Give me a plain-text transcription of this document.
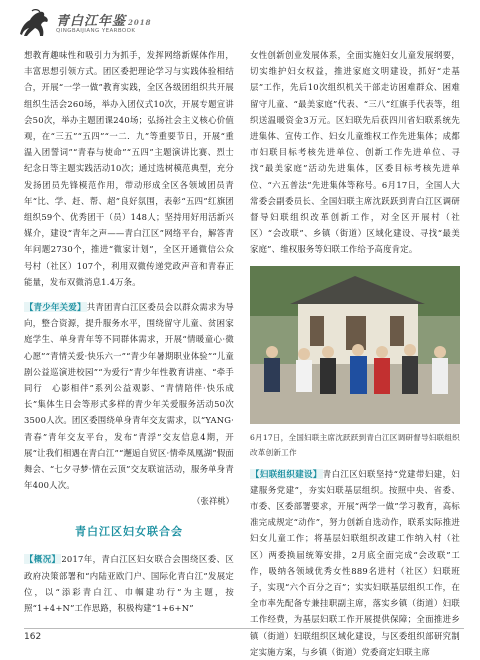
青白江年鉴 2018
QINGBAIJIANG YEARBOOK

想教育趣味性和吸引力为抓手，发挥网络新媒体作用，丰富思想引领方式。团区委把理论学习与实践体验相结合，开展“一学一做”教育实践，全区各级团组织共开展组织生活会260场，举办入团仪式10次，开展专题宣讲会50次，举办主题团课240场；弘扬社会主义核心价值观，在“三五”“五四”“一二．九”等重要节日，开展“重温入团誓词”“青春与使命”“五四”主题演讲比赛、烈士纪念日等主题实践活动10次；通过选树模范典型，充分发扬团员先锋模范作用，带动形成全区各领域团员青年“比、学、赶、帮、超”良好氛围，表彰“五四”红旗团组织59个、优秀团干（员）148人；坚持用好用活新兴媒介，建设“青年之声——青白江区”网络平台，解答青年问题2730个，推进“微家计划”，全区开通微信公众号村（社区）107个，利用双微传递党政声音和青春正能量，发布双微消息1.4万条。

【青少年关爱】共青团青白江区委员会以群众需求为导向，整合资源，提升服务水平，围绕留守儿童、贫困家庭学生、单身青年等不同群体需求，开展“情暖童心·微心愿”“青情关爱·快乐六一”“青少年暑期职业体验”“儿童剧公益巡演进校园”“为爱行”青少年性教育讲座、“牵手同行　心影相伴”系列公益观影、“青情陪伴·快乐成长”集体生日会等形式多样的青少年关爱服务活动50次3500人次。团区委围绕单身青年交友需求，以“YANG·青春”青年交友平台，发布“青浮”交友信息4期，开展“让我们相遇在青白江”“邂逅自贸区·情牵凤凰湖”假面舞会、“七夕寻梦·情在云顶”交友联谊活动，服务单身青年400人次。

（张祥桃）

青白江区妇女联合会

【概况】2017年，青白江区妇女联合会围绕区委、区政府决策部署和“内陆亚欧门户、国际化青白江”发展定位，以“添彩青白江、巾帼建功行”为主题，按照“1+4+N”工作思路，积极构建“1+6+N”

女性创新创业发展体系，全面实施妇女儿童发展纲要，切实维护妇女权益，推进家庭文明建设，抓好“走基层”工作，先后10次组织机关干部走访困难群众、困难留守儿童、“最美家庭”代表、“三八”红旗手代表等，组织送温暖资金3万元。区妇联先后获四川省妇联系统先进集体、宣传工作、妇女儿童维权工作先进集体；成都市妇联目标考核先进单位、创新工作先进单位、寻找“最美家庭”活动先进集体，区委目标考核先进单位、“六五普法”先进集体等称号。6月17日，全国人大常委会副委员长、全国妇联主席沈跃跃到青白江区调研督导妇联组织改革创新工作，对全区开展村（社区）“会改联”、乡镇（街道）区域化建设、寻找“最美家庭”、维权服务等妇联工作给予高度肯定。

6月17日，全国妇联主席沈跃跃到青白江区调研督导妇联组织改革创新工作

【妇联组织建设】青白江区妇联坚持“党建带妇建，妇建服务党建”，夯实妇联基层组织。按照中央、省委、市委、区委部署要求，开展“两学一做”学习教育，高标准完成规定“动作”，努力创新自选动作，联系实际推进妇女儿童工作；将基层妇联组织改建工作纳入村（社区）两委换届统筹安排，2月底全面完成“会改联”工作，吸纳各领域优秀女性889名进村（社区）妇联班子，实现“六个百分之百”；实实妇联基层组织工作，在全市率先配备专兼挂职副主席，落实乡镇（街道）妇联工作经费，为基层妇联工作开展提供保障；全面推进乡镇（街道）妇联组织区域化建设，与区委组织部研究制定实施方案，与乡镇（街道）党委商定妇联主席

162
